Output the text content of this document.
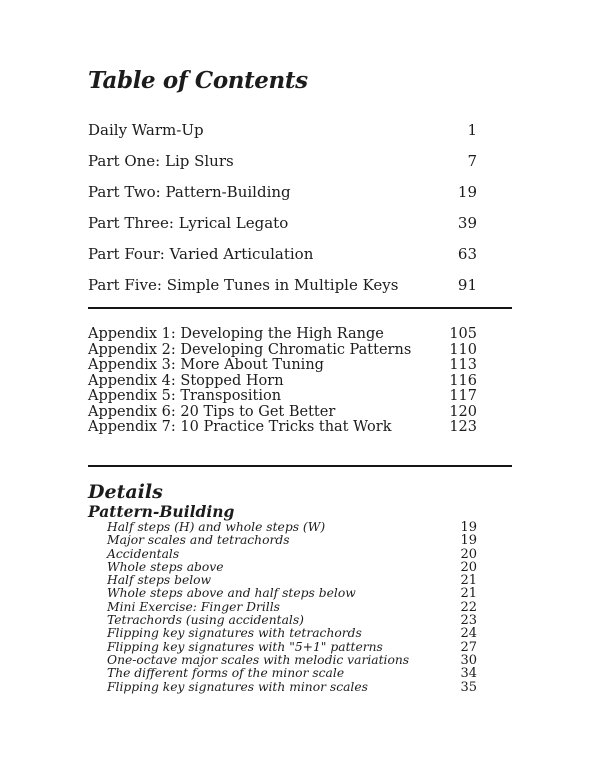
Table of Contents
Daily Warm-Up	1
Part One: Lip Slurs	7
Part Two: Pattern-Building	19
Part Three: Lyrical Legato	39
Part Four: Varied Articulation	63
Part Five: Simple Tunes in Multiple Keys	91
Appendix 1: Developing the High Range	105
Appendix 2: Developing Chromatic Patterns	110
Appendix 3: More About Tuning	113
Appendix 4: Stopped Horn	116
Appendix 5: Transposition	117
Appendix 6: 20 Tips to Get Better	120
Appendix 7: 10 Practice Tricks that Work	123
Details
Pattern-Building
Half steps (H) and whole steps (W)	19
Major scales and tetrachords	19
Accidentals	20
Whole steps above	20
Half steps below	21
Whole steps above and half steps below	21
Mini Exercise: Finger Drills	22
Tetrachords (using accidentals)	23
Flipping key signatures with tetrachords	24
Flipping key signatures with "5+1" patterns	27
One-octave major scales with melodic variations	30
The different forms of the minor scale	34
Flipping key signatures with minor scales	35
